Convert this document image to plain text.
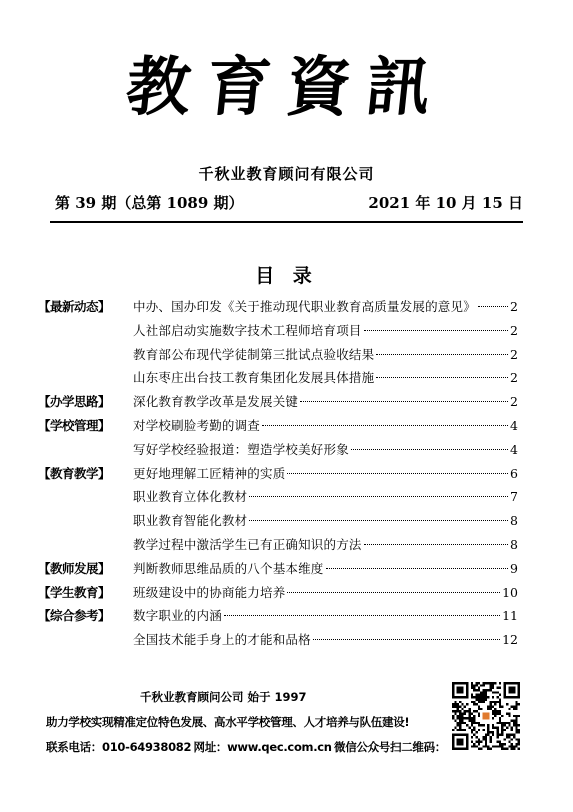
教育資訊
千秋业教育顾问有限公司
第 39 期（总第 1089 期）	2021 年 10 月 15 日
目 录
【最新动态】	中办、国办印发《关于推动现代职业教育高质量发展的意见》	2
人社部启动实施数字技术工程师培育项目	2
教育部公布现代学徒制第三批试点验收结果	2
山东枣庄出台技工教育集团化发展具体措施	2
【办学思路】	深化教育教学改革是发展关键	2
【学校管理】	对学校刷脸考勤的调查	4
写好学校经验报道：塑造学校美好形象	4
【教育教学】	更好地理解工匠精神的实质	6
职业教育立体化教材	7
职业教育智能化教材	8
教学过程中激活学生已有正确知识的方法	8
【教师发展】	判断教师思维品质的八个基本维度	9
【学生教育】	班级建设中的协商能力培养	10
【综合参考】	数字职业的内涵	11
全国技术能手身上的才能和品格	12
千秋业教育顾问公司 始于 1997
助力学校实现精准定位特色发展、高水平学校管理、人才培养与队伍建设!
联系电话：010-64938082 网址：www.qec.com.cn 微信公众号扫二维码：
